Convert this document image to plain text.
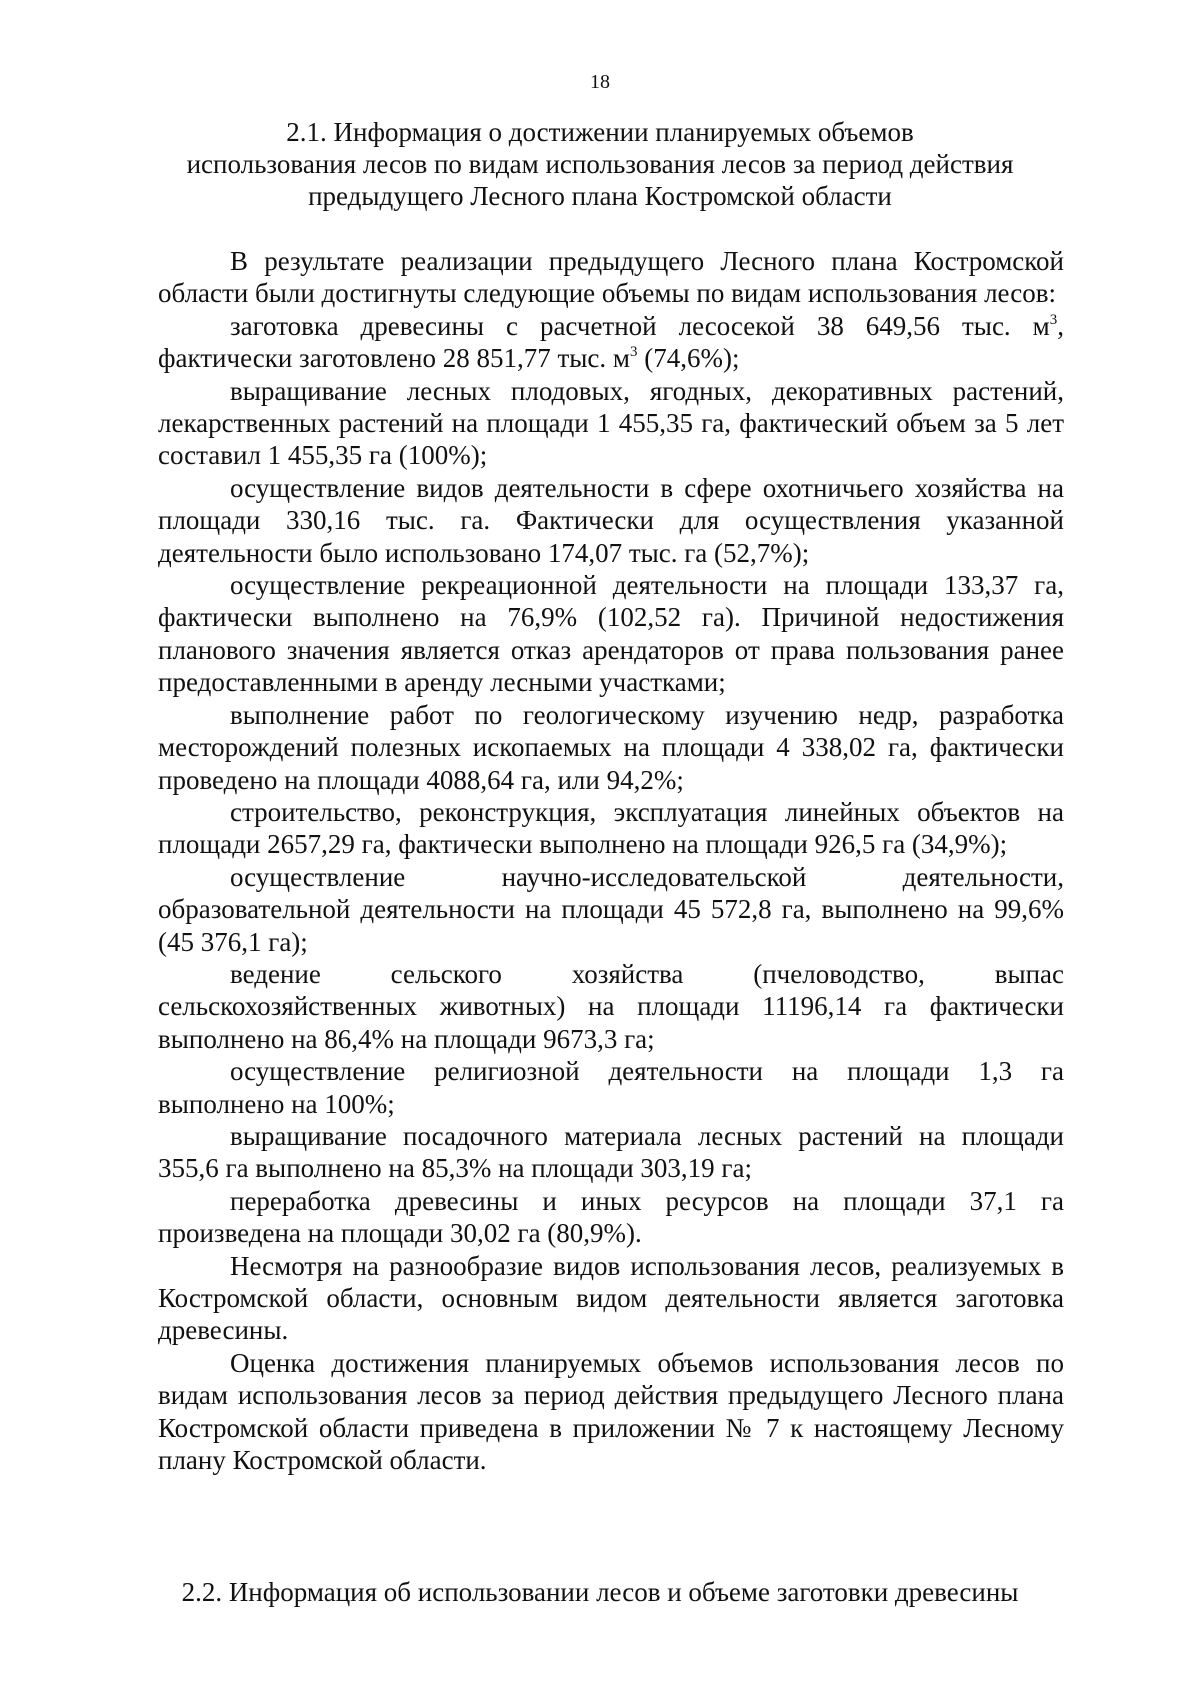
18
2.1. Информация о достижении планируемых объемов
использования лесов по видам использования лесов за период действия
предыдущего Лесного плана Костромской области

В результате реализации предыдущего Лесного плана Костромской области были достигнуты следующие объемы по видам использования лесов:

заготовка древесины с расчетной лесосекой 38 649,56 тыс. $м^3$, фактически заготовлено 28 851,77 тыс. $м^3$ (74,6%);

выращивание лесных плодовых, ягодных, декоративных растений, лекарственных растений на площади 1 455,35 га, фактический объем за 5 лет составил 1 455,35 га (100%);

осуществление видов деятельности в сфере охотничьего хозяйства на площади 330,16 тыс. га. Фактически для осуществления указанной деятельности было использовано 174,07 тыс. га (52,7%);

осуществление рекреационной деятельности на площади 133,37 га, фактически выполнено на 76,9% (102,52 га). Причиной недостижения планового значения является отказ арендаторов от права пользования ранее предоставленными в аренду лесными участками;

выполнение работ по геологическому изучению недр, разработка месторождений полезных ископаемых на площади 4 338,02 га, фактически проведено на площади 4088,64 га, или 94,2%;

строительство, реконструкция, эксплуатация линейных объектов на площади 2657,29 га, фактически выполнено на площади 926,5 га (34,9%);

осуществление научно-исследовательской деятельности, образовательной деятельности на площади 45 572,8 га, выполнено на 99,6% (45 376,1 га);

ведение сельского хозяйства (пчеловодство, выпас сельскохозяйственных животных) на площади 11196,14 га фактически выполнено на 86,4% на площади 9673,3 га;

осуществление религиозной деятельности на площади 1,3 га выполнено на 100%;

выращивание посадочного материала лесных растений на площади 355,6 га выполнено на 85,3% на площади 303,19 га;

переработка древесины и иных ресурсов на площади 37,1 га произведена на площади 30,02 га (80,9%).

Несмотря на разнообразие видов использования лесов, реализуемых в Костромской области, основным видом деятельности является заготовка древесины.

Оценка достижения планируемых объемов использования лесов по видам использования лесов за период действия предыдущего Лесного плана Костромской области приведена в приложении № 7 к настоящему Лесному плану Костромской области.

2.2. Информация об использовании лесов и объеме заготовки древесины
